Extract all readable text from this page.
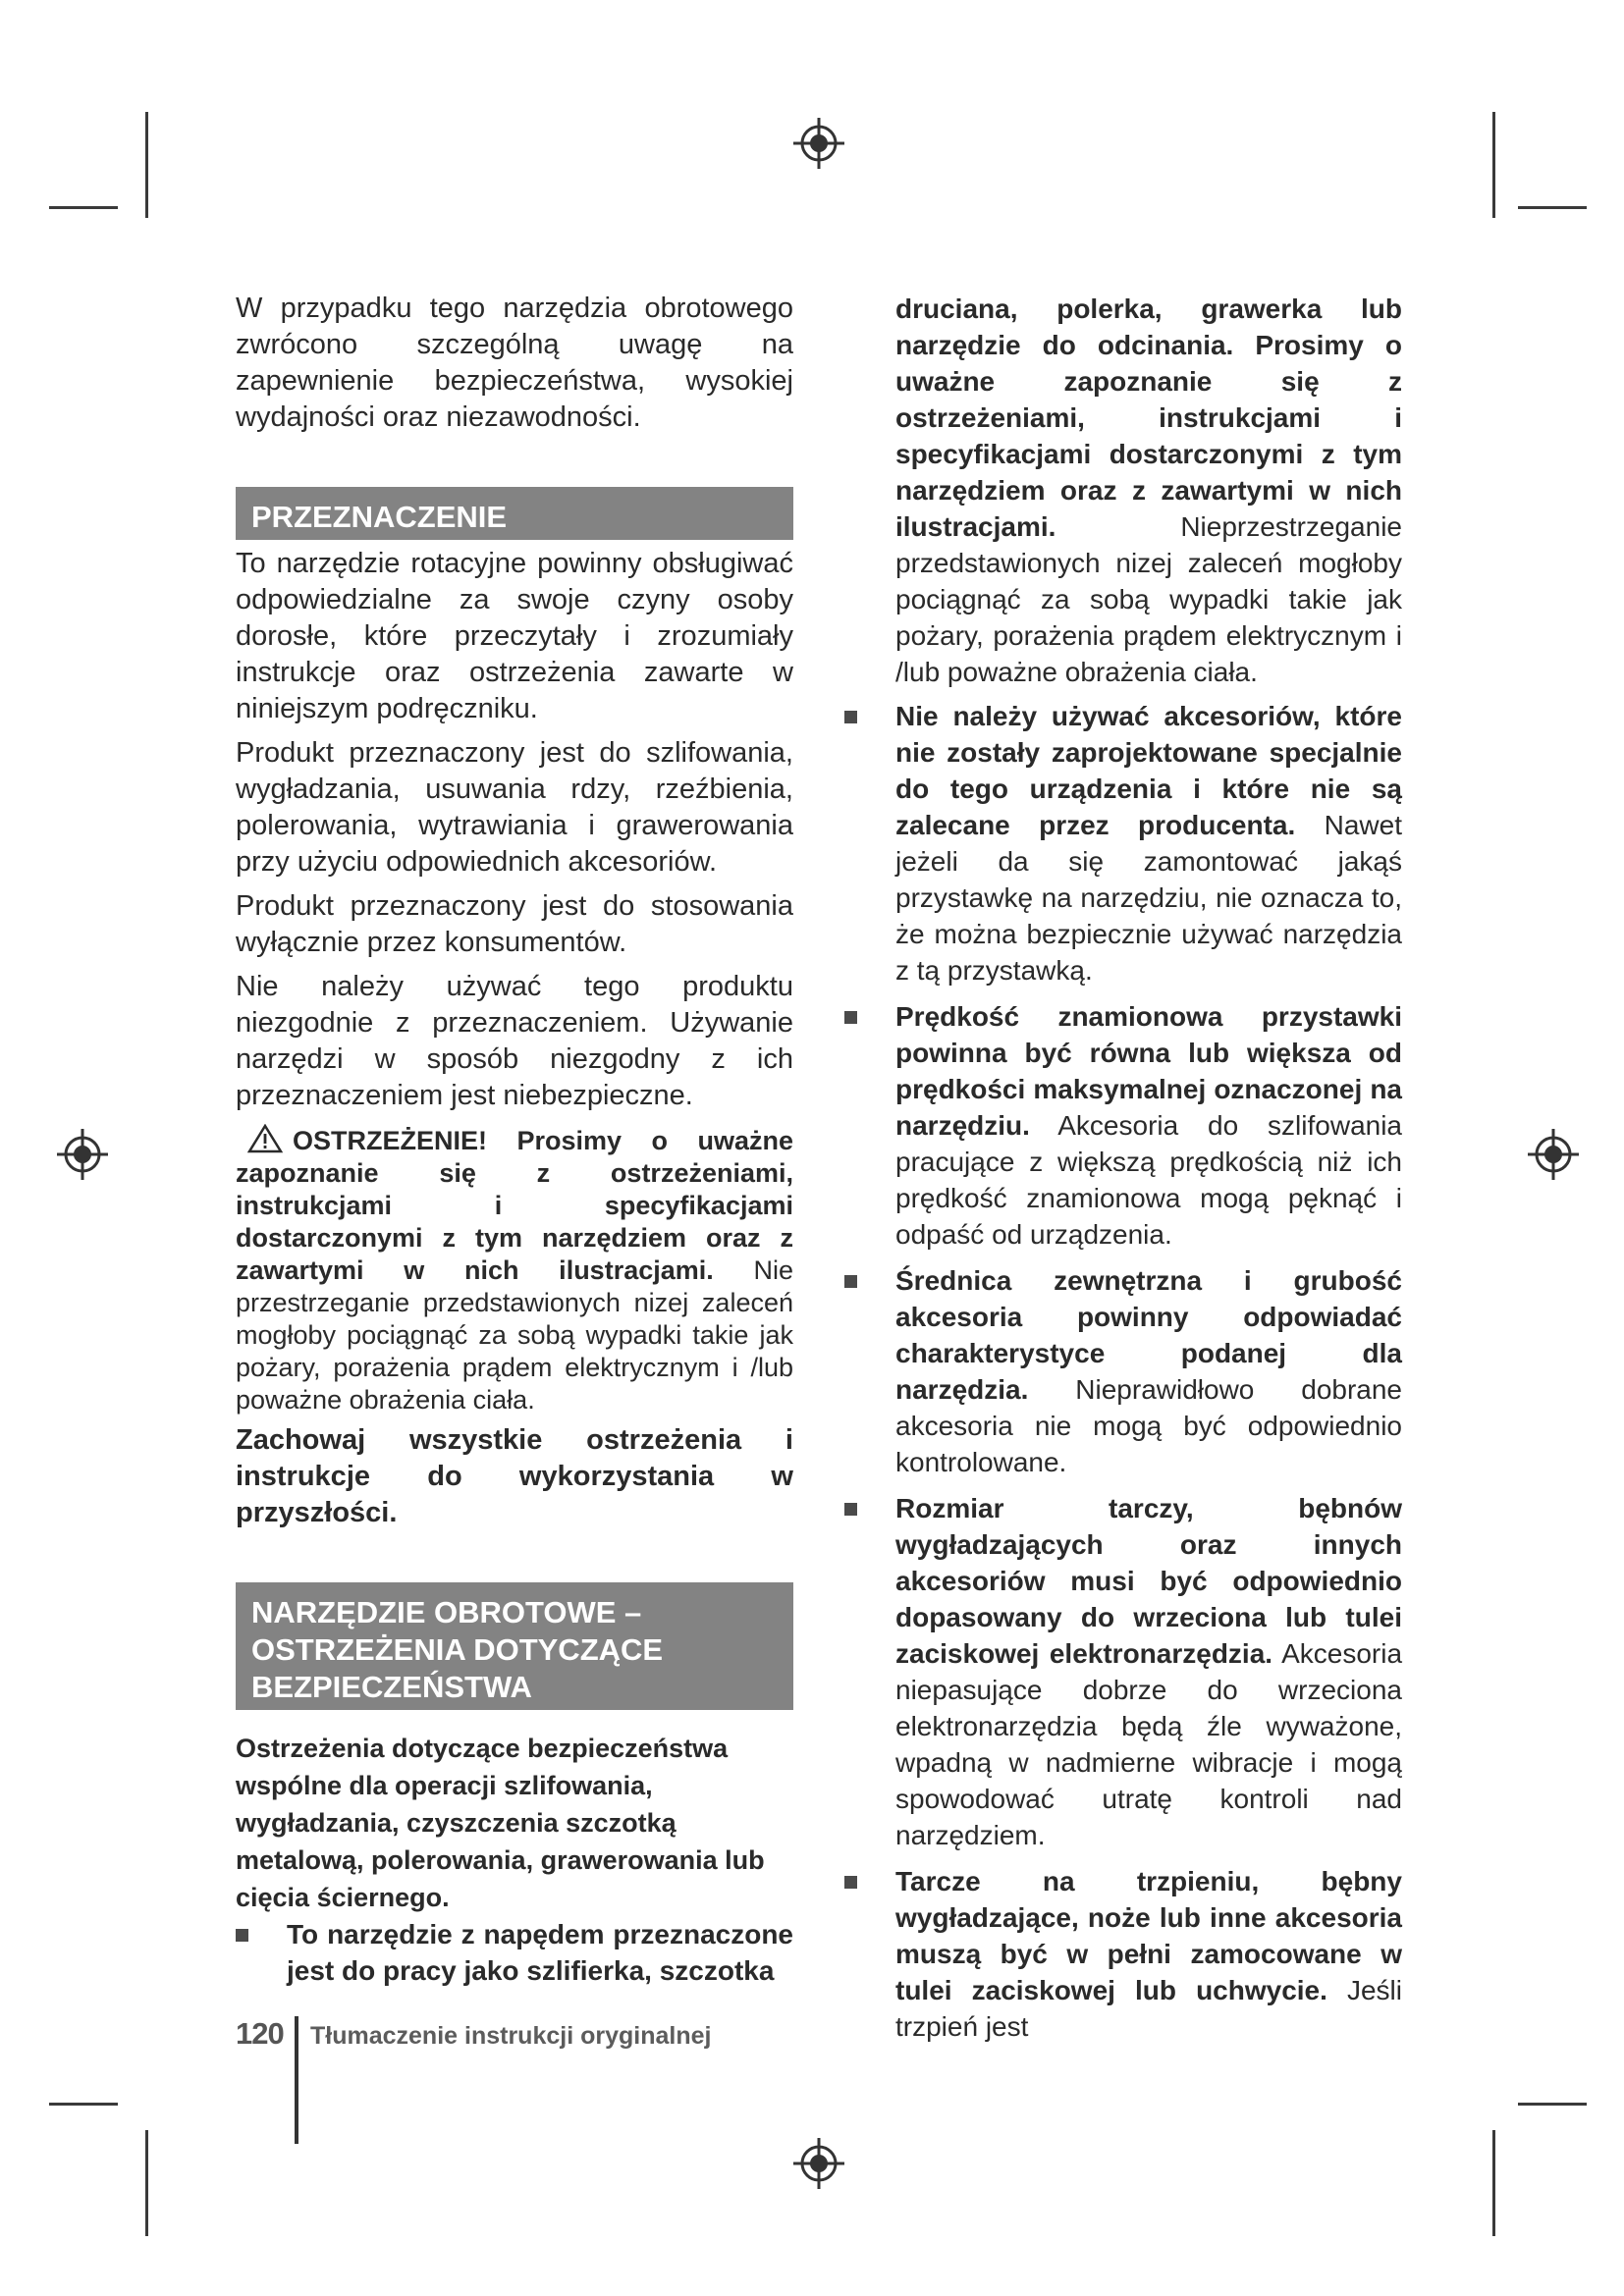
W przypadku tego narzędzia obrotowego zwrócono szczególną uwagę na zapewnienie bezpieczeństwa, wysokiej wydajności oraz niezawodności.

PRZEZNACZENIE

To narzędzie rotacyjne powinny obsługiwać odpowiedzialne za swoje czyny osoby dorosłe, które przeczytały i zrozumiały instrukcje oraz ostrzeżenia zawarte w niniejszym podręczniku.

Produkt przeznaczony jest do szlifowania, wygładzania, usuwania rdzy, rzeźbienia, polerowania, wytrawiania i grawerowania przy użyciu odpowiednich akcesoriów.

Produkt przeznaczony jest do stosowania wyłącznie przez konsumentów.

Nie należy używać tego produktu niezgodnie z przeznaczeniem. Używanie narzędzi w sposób niezgodny z ich przeznaczeniem jest niebezpieczne.

OSTRZEŻENIE! Prosimy o uważne zapoznanie się z ostrzeżeniami, instrukcjami i specyfikacjami dostarczonymi z tym narzędziem oraz z zawartymi w nich ilustracjami. Nie przestrzeganie przedstawionych nizej zaleceń mogłoby pociągnąć za sobą wypadki takie jak pożary, porażenia prądem elektrycznym i /lub poważne obrażenia ciała.

Zachowaj wszystkie ostrzeżenia i instrukcje do wykorzystania w przyszłości.

NARZĘDZIE OBROTOWE –
OSTRZEŻENIA DOTYCZĄCE
BEZPIECZEŃSTWA

Ostrzeżenia dotyczące bezpieczeństwa wspólne dla operacji szlifowania, wygładzania, czyszczenia szczotką metalową, polerowania, grawerowania lub cięcia ściernego.

To narzędzie z napędem przeznaczone jest do pracy jako szlifierka, szczotka

druciana, polerka, grawerka lub narzędzie do odcinania. Prosimy o uważne zapoznanie się z ostrzeżeniami, instrukcjami i specyfikacjami dostarczonymi z tym narzędziem oraz z zawartymi w nich ilustracjami.	Nieprzestrzeganie przedstawionych nizej zaleceń mogłoby pociągnąć za sobą wypadki takie jak pożary, porażenia prądem elektrycznym i /lub poważne obrażenia ciała.

Nie należy używać akcesoriów, które nie zostały zaprojektowane specjalnie do tego urządzenia i które nie są zalecane przez producenta. Nawet jeżeli da się zamontować jakąś przystawkę na narzędziu, nie oznacza to, że można bezpiecznie używać narzędzia z tą przystawką.
Prędkość znamionowa przystawki powinna być równa lub większa od prędkości maksymalnej oznaczonej na narzędziu. Akcesoria do szlifowania pracujące z większą prędkością niż ich prędkość znamionowa mogą pęknąć i odpaść od urządzenia.
Średnica zewnętrzna i grubość akcesoria powinny odpowiadać charakterystyce podanej dla narzędzia. Nieprawidłowo dobrane akcesoria nie mogą być odpowiednio kontrolowane.
Rozmiar tarczy, bębnów wygładzających oraz innych akcesoriów musi być odpowiednio dopasowany do wrzeciona lub tulei zaciskowej elektronarzędzia. Akcesoria niepasujące dobrze do wrzeciona elektronarzędzia będą źle wyważone, wpadną w nadmierne wibracje i mogą spowodować utratę kontroli nad narzędziem.
Tarcze na trzpieniu, bębny wygładzające, noże lub inne akcesoria muszą być w pełni zamocowane w tulei zaciskowej lub uchwycie. Jeśli trzpień jest
120 Tłumaczenie instrukcji oryginalnej
